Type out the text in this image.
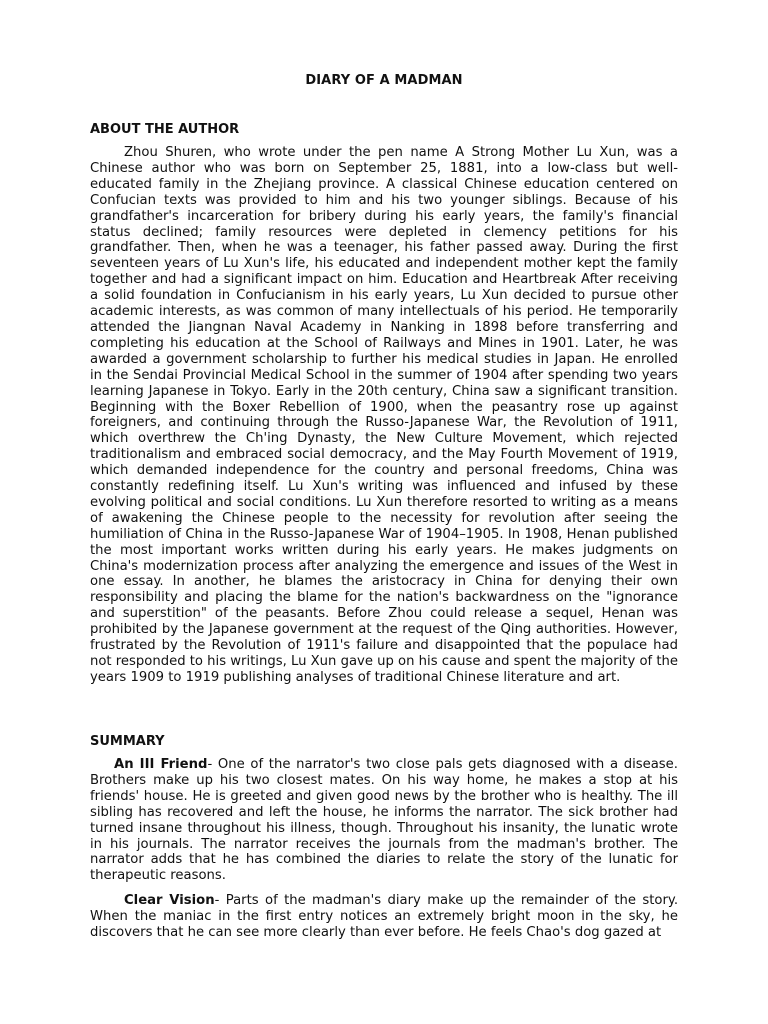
DIARY OF A MADMAN
ABOUT THE AUTHOR

Zhou Shuren, who wrote under the pen name A Strong Mother Lu Xun, was a Chinese author who was born on September 25, 1881, into a low-class but well-educated family in the Zhejiang province. A classical Chinese education centered on Confucian texts was provided to him and his two younger siblings. Because of his grandfather's incarceration for bribery during his early years, the family's financial status declined; family resources were depleted in clemency petitions for his grandfather. Then, when he was a teenager, his father passed away. During the first seventeen years of Lu Xun's life, his educated and independent mother kept the family together and had a significant impact on him. Education and Heartbreak After receiving a solid foundation in Confucianism in his early years, Lu Xun decided to pursue other academic interests, as was common of many intellectuals of his period. He temporarily attended the Jiangnan Naval Academy in Nanking in 1898 before transferring and completing his education at the School of Railways and Mines in 1901. Later, he was awarded a government scholarship to further his medical studies in Japan. He enrolled in the Sendai Provincial Medical School in the summer of 1904 after spending two years learning Japanese in Tokyo. Early in the 20th century, China saw a significant transition. Beginning with the Boxer Rebellion of 1900, when the peasantry rose up against foreigners, and continuing through the Russo-Japanese War, the Revolution of 1911, which overthrew the Ch'ing Dynasty, the New Culture Movement, which rejected traditionalism and embraced social democracy, and the May Fourth Movement of 1919, which demanded independence for the country and personal freedoms, China was constantly redefining itself. Lu Xun's writing was influenced and infused by these evolving political and social conditions. Lu Xun therefore resorted to writing as a means of awakening the Chinese people to the necessity for revolution after seeing the humiliation of China in the Russo-Japanese War of 1904–1905. In 1908, Henan published the most important works written during his early years. He makes judgments on China's modernization process after analyzing the emergence and issues of the West in one essay. In another, he blames the aristocracy in China for denying their own responsibility and placing the blame for the nation's backwardness on the "ignorance and superstition" of the peasants. Before Zhou could release a sequel, Henan was prohibited by the Japanese government at the request of the Qing authorities. However, frustrated by the Revolution of 1911's failure and disappointed that the populace had not responded to his writings, Lu Xun gave up on his cause and spent the majority of the years 1909 to 1919 publishing analyses of traditional Chinese literature and art.

SUMMARY

An III Friend- One of the narrator's two close pals gets diagnosed with a disease. Brothers make up his two closest mates. On his way home, he makes a stop at his friends' house. He is greeted and given good news by the brother who is healthy. The ill sibling has recovered and left the house, he informs the narrator. The sick brother had turned insane throughout his illness, though. Throughout his insanity, the lunatic wrote in his journals. The narrator receives the journals from the madman's brother. The narrator adds that he has combined the diaries to relate the story of the lunatic for therapeutic reasons.

Clear Vision- Parts of the madman's diary make up the remainder of the story. When the maniac in the first entry notices an extremely bright moon in the sky, he discovers that he can see more clearly than ever before. He feels Chao's dog gazed at
